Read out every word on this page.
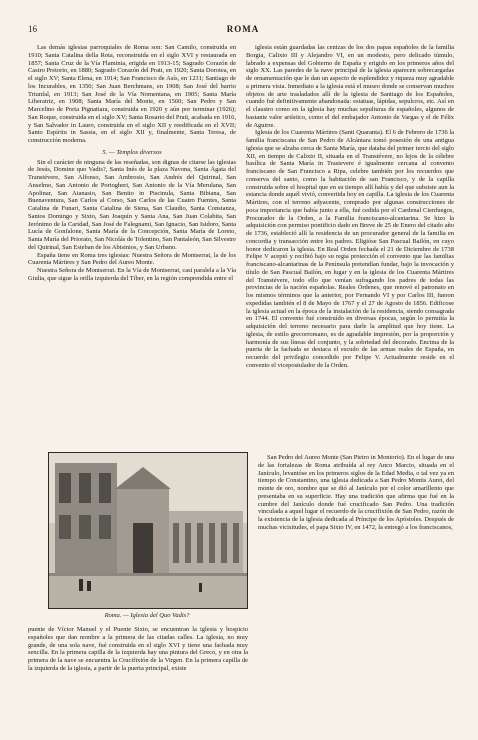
16	ROMA

Las demás iglesias parroquiales de Roma son: San Camilo, construida en 1910; Santa Catalina della Rota, reconstruida en el siglo XVI y restaurada en 1857; Santa Cruz de la Vía Flaminia, erigida en 1913-15; Sagrado Corazón de Castro Pretorio, en 1880; Sagrado Corazón del Prati, en 1920; Santa Dorotea, en el siglo XV; Santa Elena, en 1914; San Francisco de Asís, en 1231; Santiago de los Incurables, en 1350; San Juan Berchmans, en 1908; San José del barrio Triunfal, en 1913; San José de la Vía Nomentana, en 1905; Santa María Liberatriz, en 1908; Santa María del Monte, en 1560; San Pedro y San Marcelino de Porta Pignattara, construida en 1920 y aún por terminar (1926); San Roque, construida en el siglo XV; Santa Rosario del Prati, acabada en 1916, y San Salvador in Lauro, construida en el siglo XII y reedificada en el XVII; Santo Espíritu in Sassia, en el siglo XII y, finalmente, Santa Teresa, de construcción moderna.

5. — Templos diversos

Sin el carácter de ninguna de las reseñadas, son dignas de citarse las iglesias de Jesús, Domine quo Vadis?, Santa Inés de la plaza Navona, Santa Ágata del Transtévere, San Alfonso, San Ambrosio, San Andrés del Quirinal, San Anselmo, San Antonio de Portogheri, San Antonio de la Vía Merulana, San Apolinar, San Atanasio, San Benito in Piscinula, Santa Bibiana, San Buenaventura, San Carlos al Corso, San Carlos de las Cuatro Fuentes, Santa Catalina de Funari, Santa Catalina de Siena, San Claudio, Santa Constanza, Santos Domingo y Sixto, San Joaquín y Santa Ana, San Juan Colabita, San Jerónimo de la Caridad, San José de Falegnami, San Ignacio, San Isidoro, Santa Lucía de Gonfalone, Santa María de la Concepción, Santa María de Loreto, Santa María del Priorato, San Nicolás de Tolentino, San Pantaleón, San Silvestre del Quirinal, San Esteban de los Abisinios, y San Urbano.

España tiene en Roma tres iglesias: Nuestra Señora de Montserrat, la de los Cuarenta Mártires y San Pedro del Aureo Monte.

Nuestra Señora de Montserrat. En la Vía de Montserrat, casi paralela a la Vía Giulia, que sigue la orilla izquierda del Tíber, en la región comprendida entre el

iglesia están guardadas las cenizas de los dos papas españoles de la familia Borgia, Calixto III y Alejandro VI, en un modesto, pero delicado túmulo, labrado a expensas del Gobierno de España y erigido en los primeros años del siglo XX. Las paredes de la nave principal de la iglesia aparecen sobrecargadas de ornamentación que le dan un aspecto de esplendidez y riqueza muy agradable a primera vista. Inmediato a la iglesia está el museo donde se conservan muchos objetos de arte trasladados allí de la iglesia de Santiago de los Españoles, cuando fué definitivamente abandonada: estatuas, lápidas, sepulcros, etc. Así en el claustro como en la iglesia hay muchas sepulturas de españoles, algunos de bastante valor artístico, como el del embajador Antonio de Vargas y el de Félix de Aguirre.

Iglesia de los Cuarenta Mártires (Santi Quaranta). El 6 de Febrero de 1736 la familia franciscana de San Pedro de Alcántara tomó posesión de una antigua iglesia que se alzaba cerca de Santa María, que databa del primer tercio del siglo XII, en tiempo de Calixto II, situada en el Transtévere, no lejos de la célebre basílica de Santa María in Trastevere é igualmente cercana al convento franciscano de San Francisco a Ripa, celebre también por los recuerdos que conserva del santo, como la habitación de san Francisco, y de la capilla construida sobre el hospital que en su tiempo allí había y del que subsiste aun la estancia donde aquél vivió, convertida hoy en capilla. La iglesia de los Cuarenta Mártires, con el terreno adyacente, comprado por algunas construcciones de poca importancia que había junto a ella, fué cedida por el Cardenal Cienfuegos, Procurador de la Orden, a la Familia franciscano-alcantarina. Se hizo la adquisición con permiso pontificio dado en Breve de 25 de Enero del citado año de 1736, estableció allí la residencia de un procurador general de la familia en concordia y transacción entre los padres. Eligióse San Pascual Bailón, en cuyo honor dedicaron la iglesia. En Real Orden fechada el 21 de Diciembre de 1738 Felipe V aceptó y recibió bajo su regia protección el convento que las familias franciscano-alcantarinas de la Península pretendían fundar, bajo la invocación y título de San Pascual Bailón, en lugar y en la iglesia de los Cuarenta Mártires del Transtévere, todo ello que venían sufragando los padres de todas las provincias de la nación españolas. Reales Órdenes, que renovó el patronato en los mismos términos que la anterior, por Fernando VI y por Carlos III, fueron expedidas también el 8 de Mayo de 1767 y el 27 de Agosto de 1856. Edificose la iglesia actual en la época de la instalación de la residencia, siendo consagrada en 1744. El convento fué construído en diversas épocas, según lo permitía la adquisición del terreno necesario para darle la amplitud que hoy tiene. La iglesia, de estilo grecorromano, es de agradable impresión, por la proporción y harmonía de sus líneas del conjunto, y la sobriedad del decorado. Encima de la puerta de la fachada se destaca el escudo de las armas reales de España, en recuerdo del privilegio concedido por Felipe V. Actualmente reside en el convento el vicepostulador de la Orden.

Roma. — Iglesia del Quo Vadis?

San Pedro del Aureo Monte (San Pietro in Montorio). En el lugar de una de las fortalezas de Roma atribuída al rey Anco Marcio, situada en el Janículo, levantóse en los primeros siglos de la Edad Media, o tal vez ya en tiempo de Constantino, una iglesia dedicada a San Pedro Montis Aurei, del monte de oro, nombre que se dió al Janículo por el color amarillento que presentaba en su superficie. Hay una tradición que afirma que fué en la cumbre del Janículo donde fué crucificado San Pedro. Una tradición vinculada a aquel lugar el recuerdo de la crucifixión de San Pedro, razón de la existencia de la iglesia dedicada al Príncipe de los Apóstoles. Después de muchas vicisitudes, el papa Sixto IV, en 1472, la entregó a los franciscanos,

puente de Víctor Manuel y el Puente Sixto, se encuentran la iglesia y hospicio españoles que dan nombre a la primera de las citadas calles. La iglesia, no muy grande, de una sola nave, fué construida en el siglo XVI y tiene una fachada muy sencilla. En la primera capilla de la izquierda hay una pintura del Greco, y en otra la primera de la nave se encuentra la Crucifixión de la Virgen. En la primera capilla de la izquierda de la iglesia, a partir de la puerta principal, existe
